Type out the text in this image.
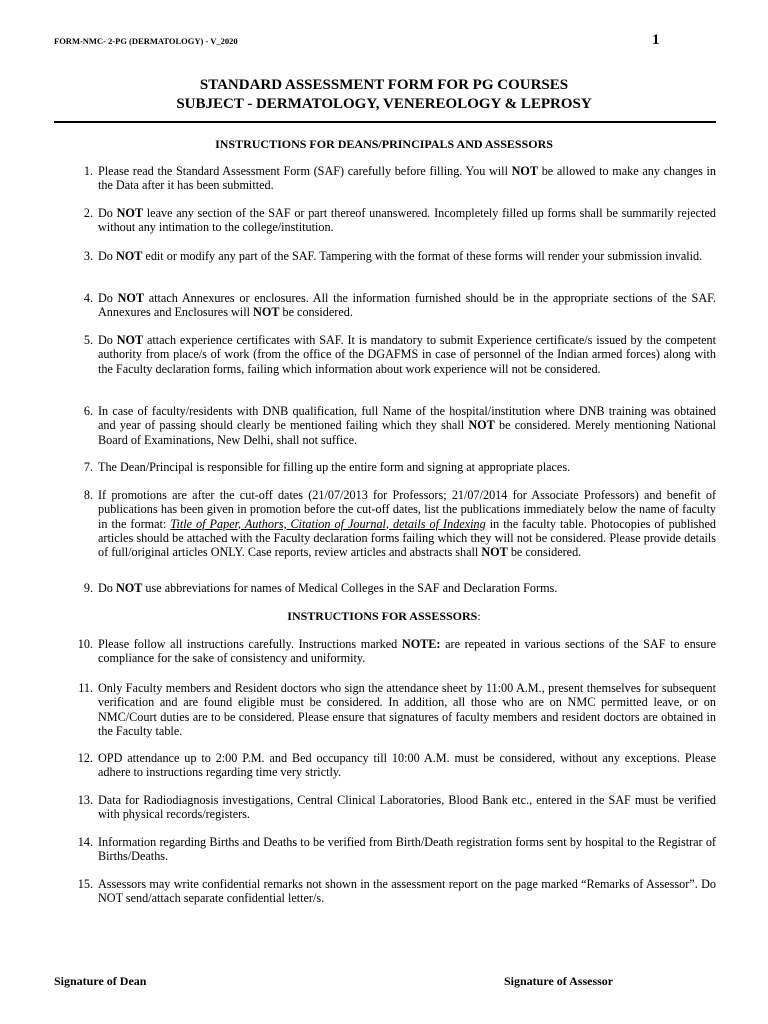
FORM-NMC- 2-PG (DERMATOLOGY) - V_2020	1
STANDARD ASSESSMENT FORM FOR PG COURSES
SUBJECT - DERMATOLOGY, VENEREOLOGY & LEPROSY
INSTRUCTIONS FOR DEANS/PRINCIPALS AND ASSESSORS
1. Please read the Standard Assessment Form (SAF) carefully before filling. You will NOT be allowed to make any changes in the Data after it has been submitted.
2. Do NOT leave any section of the SAF or part thereof unanswered. Incompletely filled up forms shall be summarily rejected without any intimation to the college/institution.
3. Do NOT edit or modify any part of the SAF. Tampering with the format of these forms will render your submission invalid.
4. Do NOT attach Annexures or enclosures. All the information furnished should be in the appropriate sections of the SAF. Annexures and Enclosures will NOT be considered.
5. Do NOT attach experience certificates with SAF. It is mandatory to submit Experience certificate/s issued by the competent authority from place/s of work (from the office of the DGAFMS in case of personnel of the Indian armed forces) along with the Faculty declaration forms, failing which information about work experience will not be considered.
6. In case of faculty/residents with DNB qualification, full Name of the hospital/institution where DNB training was obtained and year of passing should clearly be mentioned failing which they shall NOT be considered. Merely mentioning National Board of Examinations, New Delhi, shall not suffice.
7. The Dean/Principal is responsible for filling up the entire form and signing at appropriate places.
8. If promotions are after the cut-off dates (21/07/2013 for Professors; 21/07/2014 for Associate Professors) and benefit of publications has been given in promotion before the cut-off dates, list the publications immediately below the name of faculty in the format: Title of Paper, Authors, Citation of Journal, details of Indexing in the faculty table. Photocopies of published articles should be attached with the Faculty declaration forms failing which they will not be considered. Please provide details of full/original articles ONLY. Case reports, review articles and abstracts shall NOT be considered.
9. Do NOT use abbreviations for names of Medical Colleges in the SAF and Declaration Forms.
INSTRUCTIONS FOR ASSESSORS:
10. Please follow all instructions carefully. Instructions marked NOTE: are repeated in various sections of the SAF to ensure compliance for the sake of consistency and uniformity.
11. Only Faculty members and Resident doctors who sign the attendance sheet by 11:00 A.M., present themselves for subsequent verification and are found eligible must be considered. In addition, all those who are on NMC permitted leave, or on NMC/Court duties are to be considered. Please ensure that signatures of faculty members and resident doctors are obtained in the Faculty table.
12. OPD attendance up to 2:00 P.M. and Bed occupancy till 10:00 A.M. must be considered, without any exceptions. Please adhere to instructions regarding time very strictly.
13. Data for Radiodiagnosis investigations, Central Clinical Laboratories, Blood Bank etc., entered in the SAF must be verified with physical records/registers.
14. Information regarding Births and Deaths to be verified from Birth/Death registration forms sent by hospital to the Registrar of Births/Deaths.
15. Assessors may write confidential remarks not shown in the assessment report on the page marked “Remarks of Assessor”. Do NOT send/attach separate confidential letter/s.
Signature of Dean	Signature of Assessor
